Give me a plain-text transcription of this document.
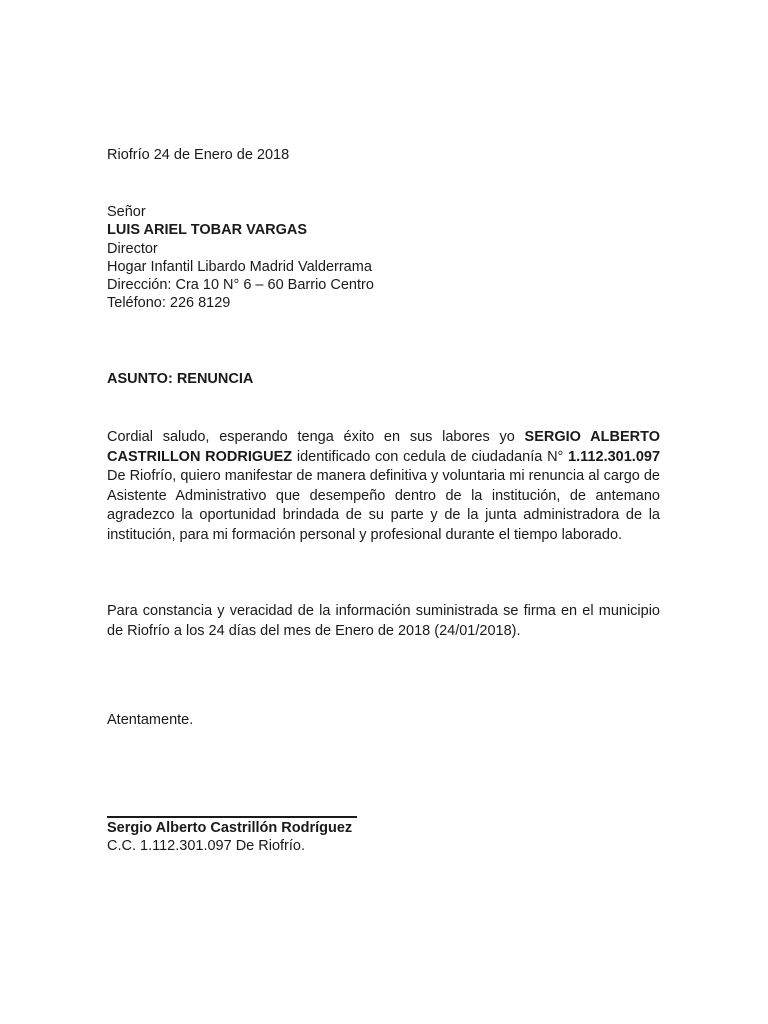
Riofrío 24 de Enero de 2018
Señor
LUIS ARIEL TOBAR VARGAS
Director
Hogar Infantil Libardo Madrid Valderrama
Dirección: Cra 10 N° 6 – 60 Barrio Centro
Teléfono: 226 8129
ASUNTO: RENUNCIA
Cordial saludo, esperando tenga éxito en sus labores yo SERGIO ALBERTO CASTRILLON RODRIGUEZ identificado con cedula de ciudadanía N° 1.112.301.097 De Riofrío, quiero manifestar de manera definitiva y voluntaria mi renuncia al cargo de Asistente Administrativo que desempeño dentro de la institución, de antemano agradezco la oportunidad brindada de su parte y de la junta administradora de la institución, para mi formación personal y profesional durante el tiempo laborado.
Para constancia y veracidad de la información suministrada se firma en el municipio de Riofrío a los 24 días del mes de Enero de 2018 (24/01/2018).
Atentamente.
Sergio Alberto Castrillón Rodríguez
C.C. 1.112.301.097 De Riofrío.
